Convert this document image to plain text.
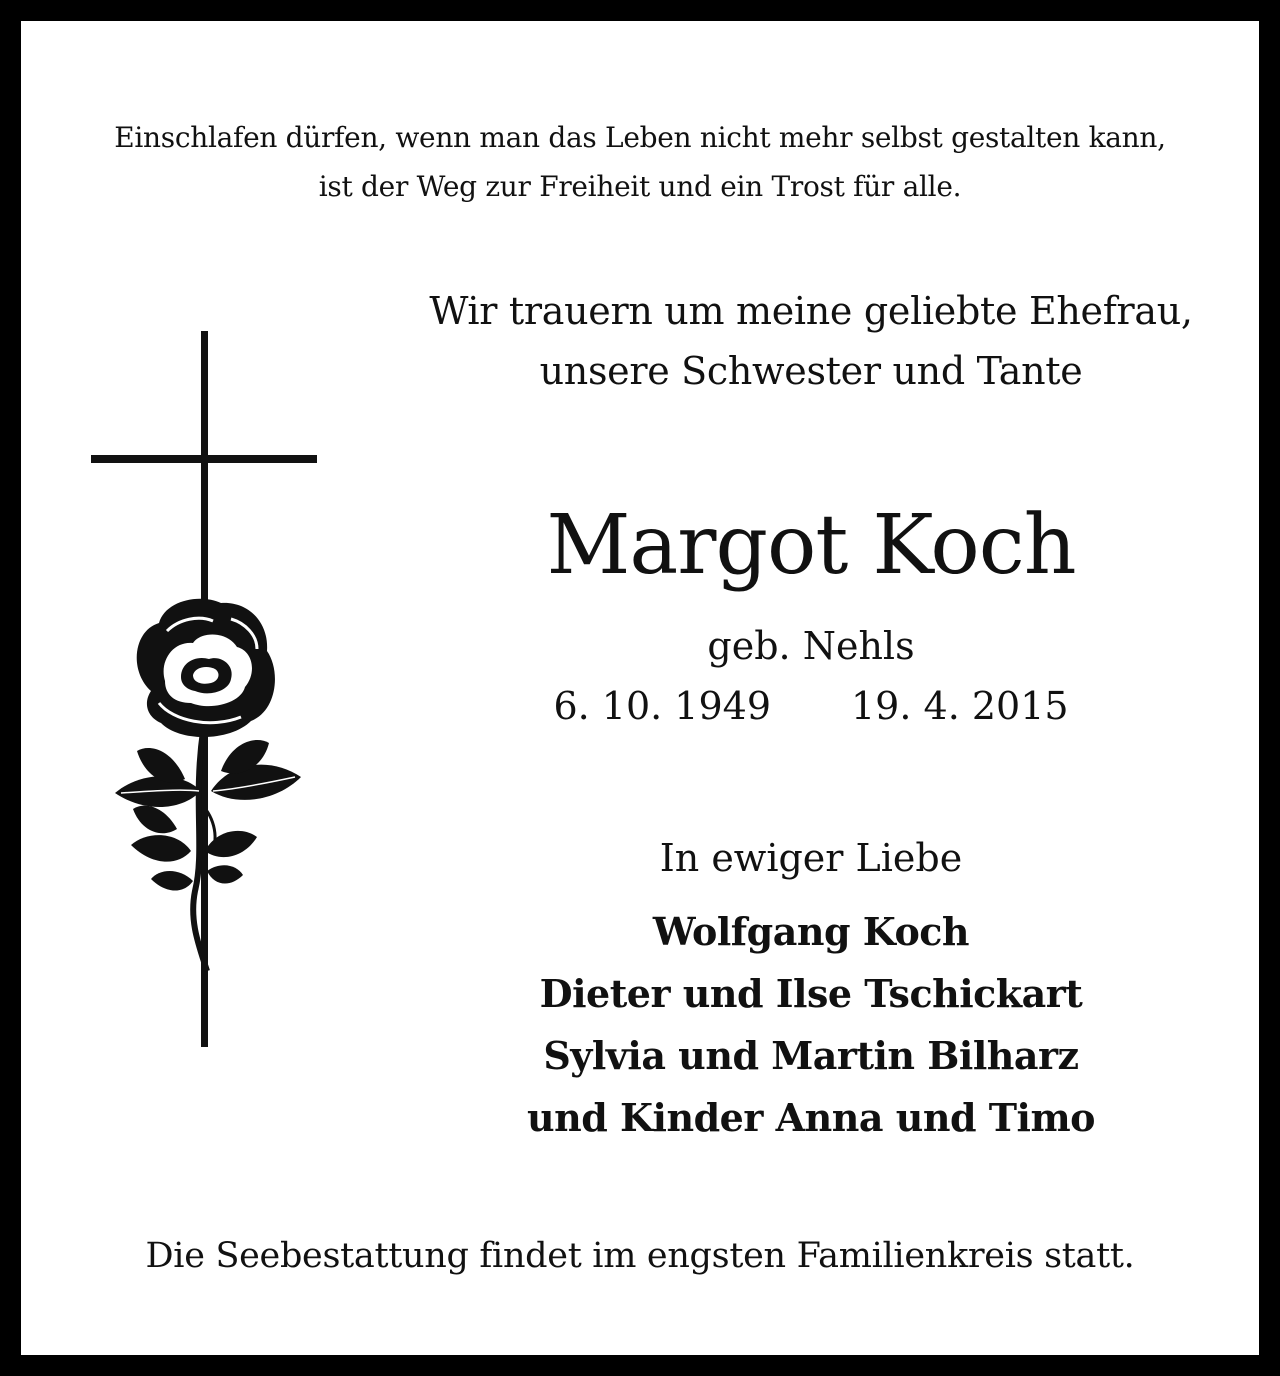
Einschlafen dürfen, wenn man das Leben nicht mehr selbst gestalten kann,
ist der Weg zur Freiheit und ein Trost für alle.
Wir trauern um meine geliebte Ehefrau,
unsere Schwester und Tante
Margot Koch
geb. Nehls
6. 10. 1949 19. 4. 2015
In ewiger Liebe
Wolfgang Koch
Dieter und Ilse Tschickart
Sylvia und Martin Bilharz
und Kinder Anna und Timo
Die Seebestattung findet im engsten Familienkreis statt.
